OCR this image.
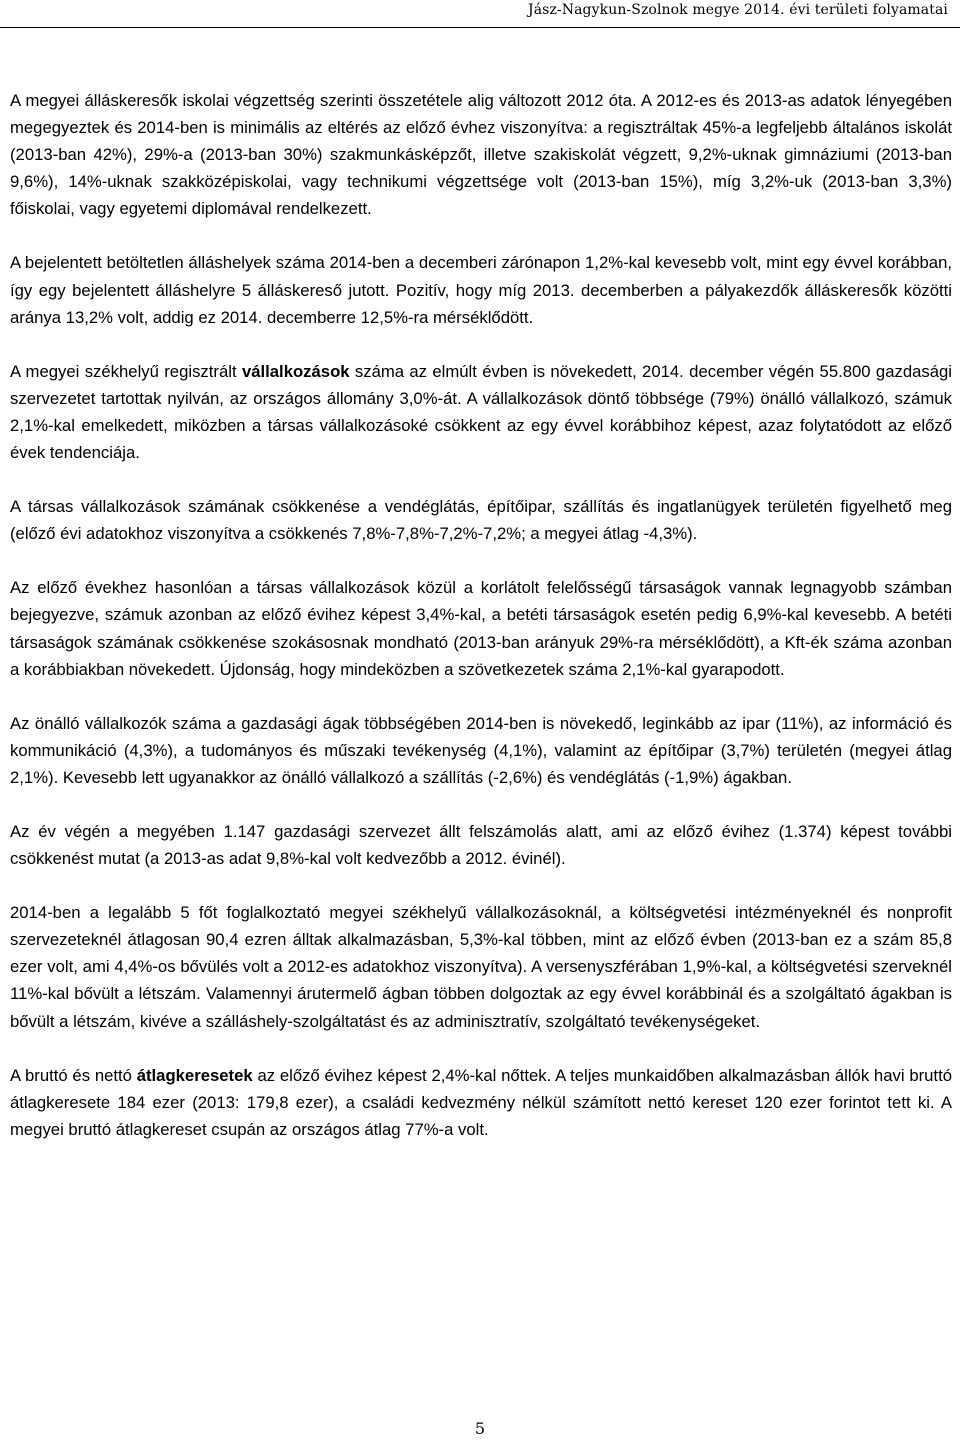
Jász-Nagykun-Szolnok megye 2014. évi területi folyamatai

A megyei álláskeresők iskolai végzettség szerinti összetétele alig változott 2012 óta. A 2012-es és 2013-as adatok lényegében megegyeztek és 2014-ben is minimális az eltérés az előző évhez viszonyítva: a regisztráltak 45%-a legfeljebb általános iskolát (2013-ban 42%), 29%-a (2013-ban 30%) szakmunkásképzőt, illetve szakiskolát végzett, 9,2%-uknak gimnáziumi (2013-ban 9,6%), 14%-uknak szakközépiskolai, vagy technikumi végzettsége volt (2013-ban 15%), míg 3,2%-uk (2013-ban 3,3%) főiskolai, vagy egyetemi diplomával rendelkezett.

A bejelentett betöltetlen álláshelyek száma 2014-ben a decemberi zárónapon 1,2%-kal kevesebb volt, mint egy évvel korábban, így egy bejelentett álláshelyre 5 álláskereső jutott. Pozitív, hogy míg 2013. decemberben a pályakezdők álláskeresők közötti aránya 13,2% volt, addig ez 2014. decemberre 12,5%-ra mérséklődött.

A megyei székhelyű regisztrált vállalkozások száma az elmúlt évben is növekedett, 2014. december végén 55.800 gazdasági szervezetet tartottak nyilván, az országos állomány 3,0%-át. A vállalkozások döntő többsége (79%) önálló vállalkozó, számuk 2,1%-kal emelkedett, miközben a társas vállalkozásoké csökkent az egy évvel korábbihoz képest, azaz folytatódott az előző évek tendenciája.

A társas vállalkozások számának csökkenése a vendéglátás, építőipar, szállítás és ingatlanügyek területén figyelhető meg (előző évi adatokhoz viszonyítva a csökkenés 7,8%-7,8%-7,2%-7,2%; a megyei átlag -4,3%).

Az előző évekhez hasonlóan a társas vállalkozások közül a korlátolt felelősségű társaságok vannak legnagyobb számban bejegyezve, számuk azonban az előző évihez képest 3,4%-kal, a betéti társaságok esetén pedig 6,9%-kal kevesebb. A betéti társaságok számának csökkenése szokásosnak mondható (2013-ban arányuk 29%-ra mérséklődött), a Kft-ék száma azonban a korábbiakban növekedett. Újdonság, hogy mindeközben a szövetkezetek száma 2,1%-kal gyarapodott.

Az önálló vállalkozók száma a gazdasági ágak többségében 2014-ben is növekedő, leginkább az ipar (11%), az információ és kommunikáció (4,3%), a tudományos és műszaki tevékenység (4,1%), valamint az építőipar (3,7%) területén (megyei átlag 2,1%). Kevesebb lett ugyanakkor az önálló vállalkozó a szállítás (-2,6%) és vendéglátás (-1,9%) ágakban.

Az év végén a megyében 1.147 gazdasági szervezet állt felszámolás alatt, ami az előző évihez (1.374) képest további csökkenést mutat (a 2013-as adat 9,8%-kal volt kedvezőbb a 2012. évinél).

2014-ben a legalább 5 főt foglalkoztató megyei székhelyű vállalkozásoknál, a költségvetési intézményeknél és nonprofit szervezeteknél átlagosan 90,4 ezren álltak alkalmazásban, 5,3%-kal többen, mint az előző évben (2013-ban ez a szám 85,8 ezer volt, ami 4,4%-os bővülés volt a 2012-es adatokhoz viszonyítva). A versenyszférában 1,9%-kal, a költségvetési szerveknél 11%-kal bővült a létszám. Valamennyi árutermelő ágban többen dolgoztak az egy évvel korábbinál és a szolgáltató ágakban is bővült a létszám, kivéve a szálláshely-szolgáltatást és az adminisztratív, szolgáltató tevékenységeket.

A bruttó és nettó átlagkeresetek az előző évihez képest 2,4%-kal nőttek. A teljes munkaidőben alkalmazásban állók havi bruttó átlagkeresete 184 ezer (2013: 179,8 ezer), a családi kedvezmény nélkül számított nettó kereset 120 ezer forintot tett ki. A megyei bruttó átlagkereset csupán az országos átlag 77%-a volt.

5
